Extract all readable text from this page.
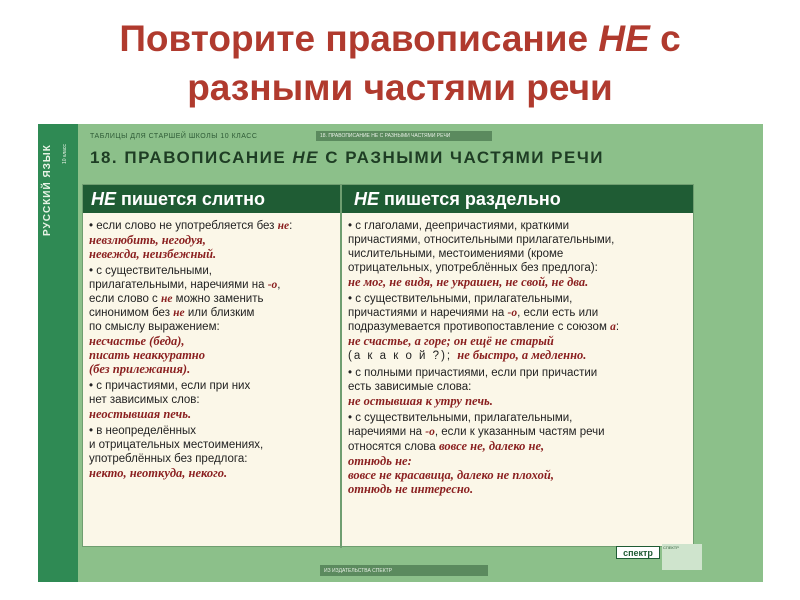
Повторите правописание НЕ с
разными частями речи
РУССКИЙ ЯЗЫК	10 класс
ТАБЛИЦЫ ДЛЯ СТАРШЕЙ ШКОЛЫ 10 КЛАСС	18. ПРАВОПИСАНИЕ НЕ С РАЗНЫМИ ЧАСТЯМИ РЕЧИ
18. ПРАВОПИСАНИЕ НЕ С РАЗНЫМИ ЧАСТЯМИ РЕЧИ
НЕ пишется слитно	НЕ пишется раздельно

• если слово не употребляется без не:

невзлюбить, негодуя,

невежда, неизбежный.

• с существительными,

прилагательными, наречиями на -о,

если слово с не можно заменить

синонимом без не или близким

по смыслу выражением:

несчастье (беда),

писать неаккуратно

(без прилежания).

• с причастиями, если при них

нет зависимых слов:

неостывшая печь.

• в неопределённых

и отрицательных местоимениях,

употреблённых без предлога:

некто, неоткуда, некого.

• с глаголами, деепричастиями, краткими

причастиями, относительными прилагательными,

числительными, местоимениями (кроме

отрицательных, употреблённых без предлога):

не мог, не видя, не украшен, не свой, не два.

• с существительными, прилагательными,

причастиями и наречиями на -о, если есть или

подразумевается противопоставление с союзом а:

не счастье, а горе; он ещё не старый

(а к а к о й ?); не быстро, а медленно.

• с полными причастиями, если при причастии

есть зависимые слова:

не остывшая к утру печь.

• с существительными, прилагательными,

наречиями на -о, если к указанным частям речи

относятся слова вовсе не, далеко не,

отнюдь не:

вовсе не красавица, далеко не плохой,

отнюдь не интересно.

спектр
СПЕКТР
ИЗ ИЗДАТЕЛЬСТВА СПЕКТР
